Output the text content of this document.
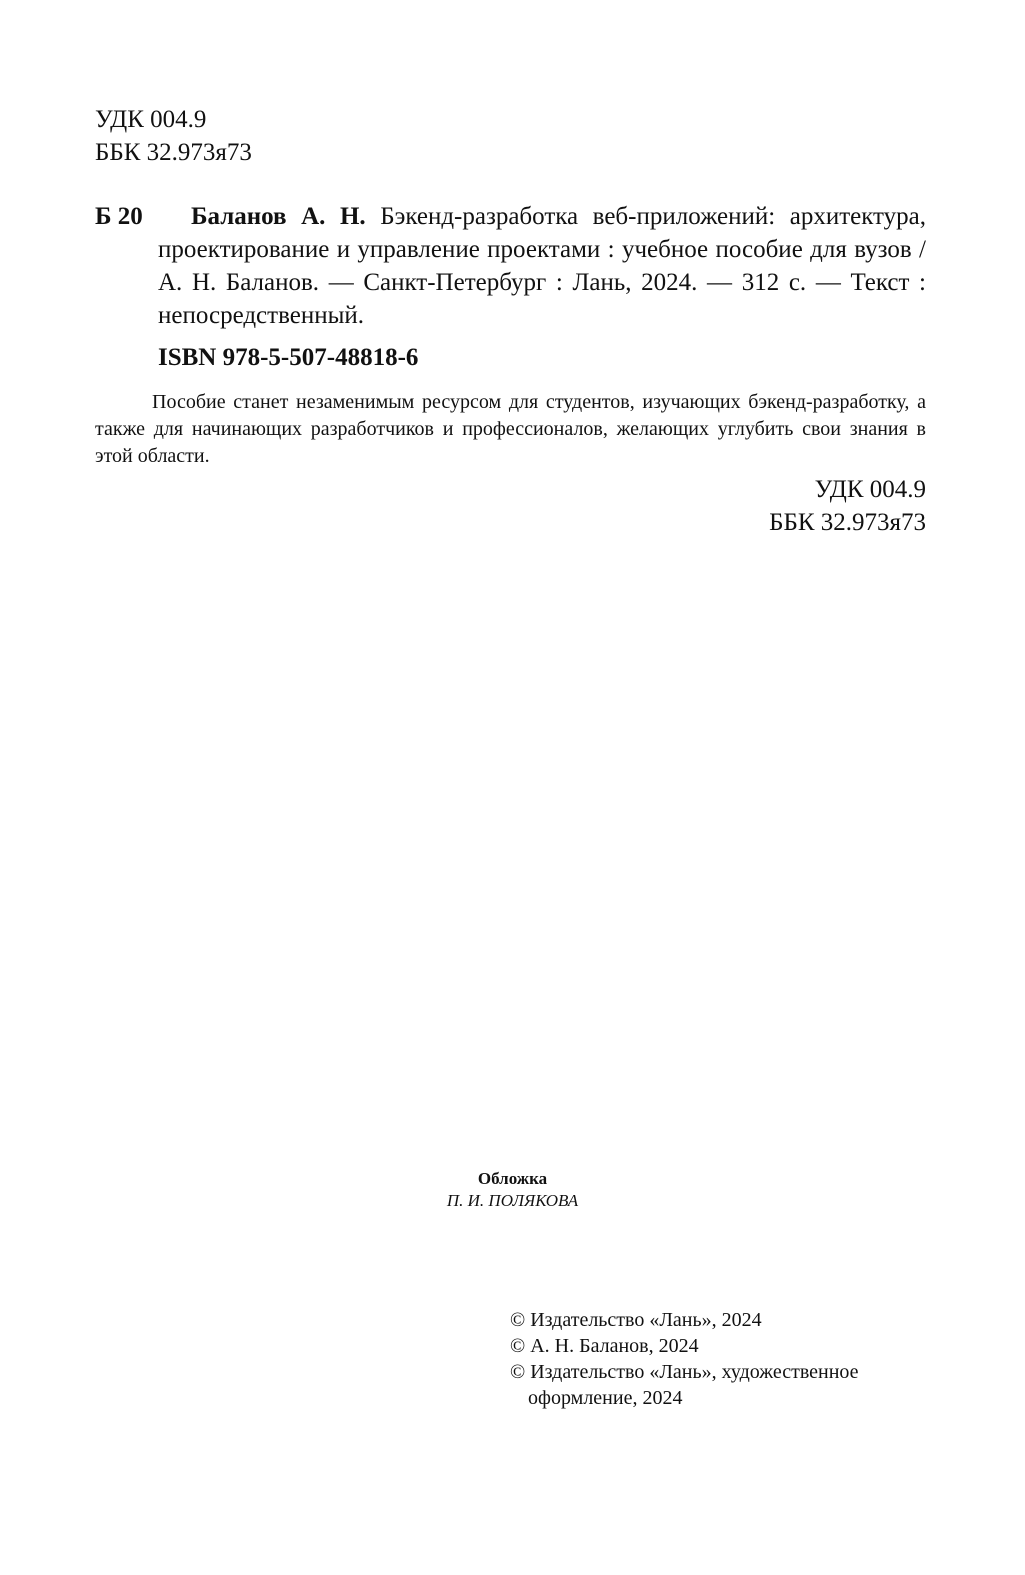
УДК 004.9
ББК 32.973я73
Б 20	Баланов А. Н. Бэкенд-разработка веб-приложений: архитектура, проектирование и управление проектами : учебное пособие для вузов / А. Н. Баланов. — Санкт-Петербург : Лань, 2024. — 312 с. — Текст : непосредственный.
ISBN 978-5-507-48818-6
Пособие станет незаменимым ресурсом для студентов, изучающих бэкенд-разработку, а также для начинающих разработчиков и профессионалов, желающих углубить свои знания в этой области.
УДК 004.9
ББК 32.973я73
Обложка
П. И. ПОЛЯКОВА
© Издательство «Лань», 2024
© А. Н. Баланов, 2024
© Издательство «Лань», художественное
оформление, 2024
